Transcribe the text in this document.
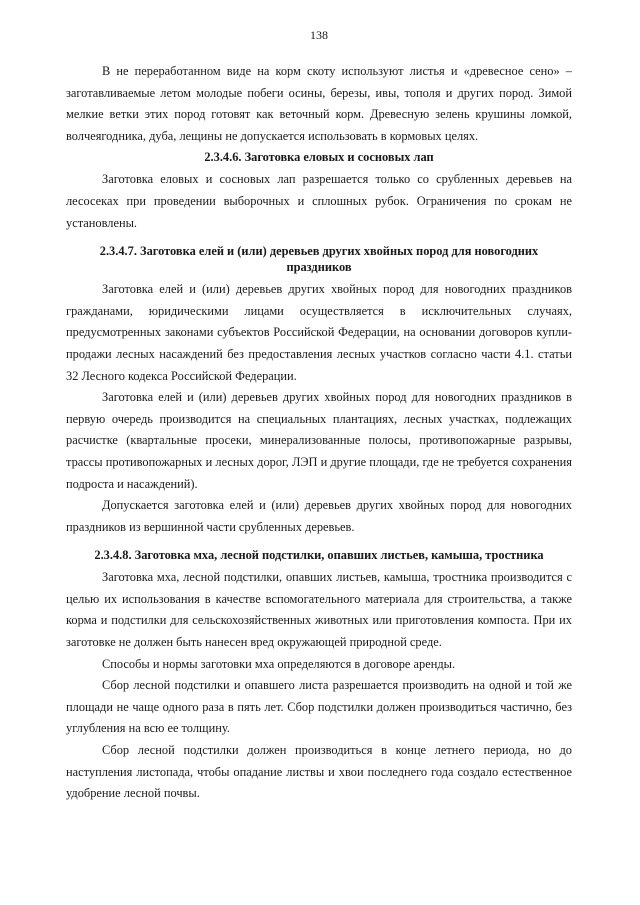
138

В не переработанном виде на корм скоту используют листья и «древесное сено» – заготавливаемые летом молодые побеги осины, березы, ивы, тополя и других пород. Зимой мелкие ветки этих пород готовят как веточный корм. Древесную зелень крушины ломкой, волчеягодника, дуба, лещины не допускается использовать в кормовых целях.

2.3.4.6. Заготовка еловых и сосновых лап

Заготовка еловых и сосновых лап разрешается только со срубленных деревьев на лесосеках при проведении выборочных и сплошных рубок. Ограничения по срокам не установлены.

2.3.4.7. Заготовка елей и (или) деревьев других хвойных пород для новогодних праздников

Заготовка елей и (или) деревьев других хвойных пород для новогодних праздников гражданами, юридическими лицами осуществляется в исключительных случаях, предусмотренных законами субъектов Российской Федерации, на основании договоров купли-продажи лесных насаждений без предоставления лесных участков согласно части 4.1. статьи 32 Лесного кодекса Российской Федерации.

Заготовка елей и (или) деревьев других хвойных пород для новогодних праздников в первую очередь производится на специальных плантациях, лесных участках, подлежащих расчистке (квартальные просеки, минерализованные полосы, противопожарные разрывы, трассы противопожарных и лесных дорог, ЛЭП и другие площади, где не требуется сохранения подроста и насаждений).

Допускается заготовка елей и (или) деревьев других хвойных пород для новогодних праздников из вершинной части срубленных деревьев.

2.3.4.8. Заготовка мха, лесной подстилки, опавших листьев, камыша, тростника

Заготовка мха, лесной подстилки, опавших листьев, камыша, тростника производится с целью их использования в качестве вспомогательного материала для строительства, а также корма и подстилки для сельскохозяйственных животных или приготовления компоста. При их заготовке не должен быть нанесен вред окружающей природной среде.

Способы и нормы заготовки мха определяются в договоре аренды.

Сбор лесной подстилки и опавшего листа разрешается производить на одной и той же площади не чаще одного раза в пять лет. Сбор подстилки должен производиться частично, без углубления на всю ее толщину.

Сбор лесной подстилки должен производиться в конце летнего периода, но до наступления листопада, чтобы опадание листвы и хвои последнего года создало естественное удобрение лесной почвы.
